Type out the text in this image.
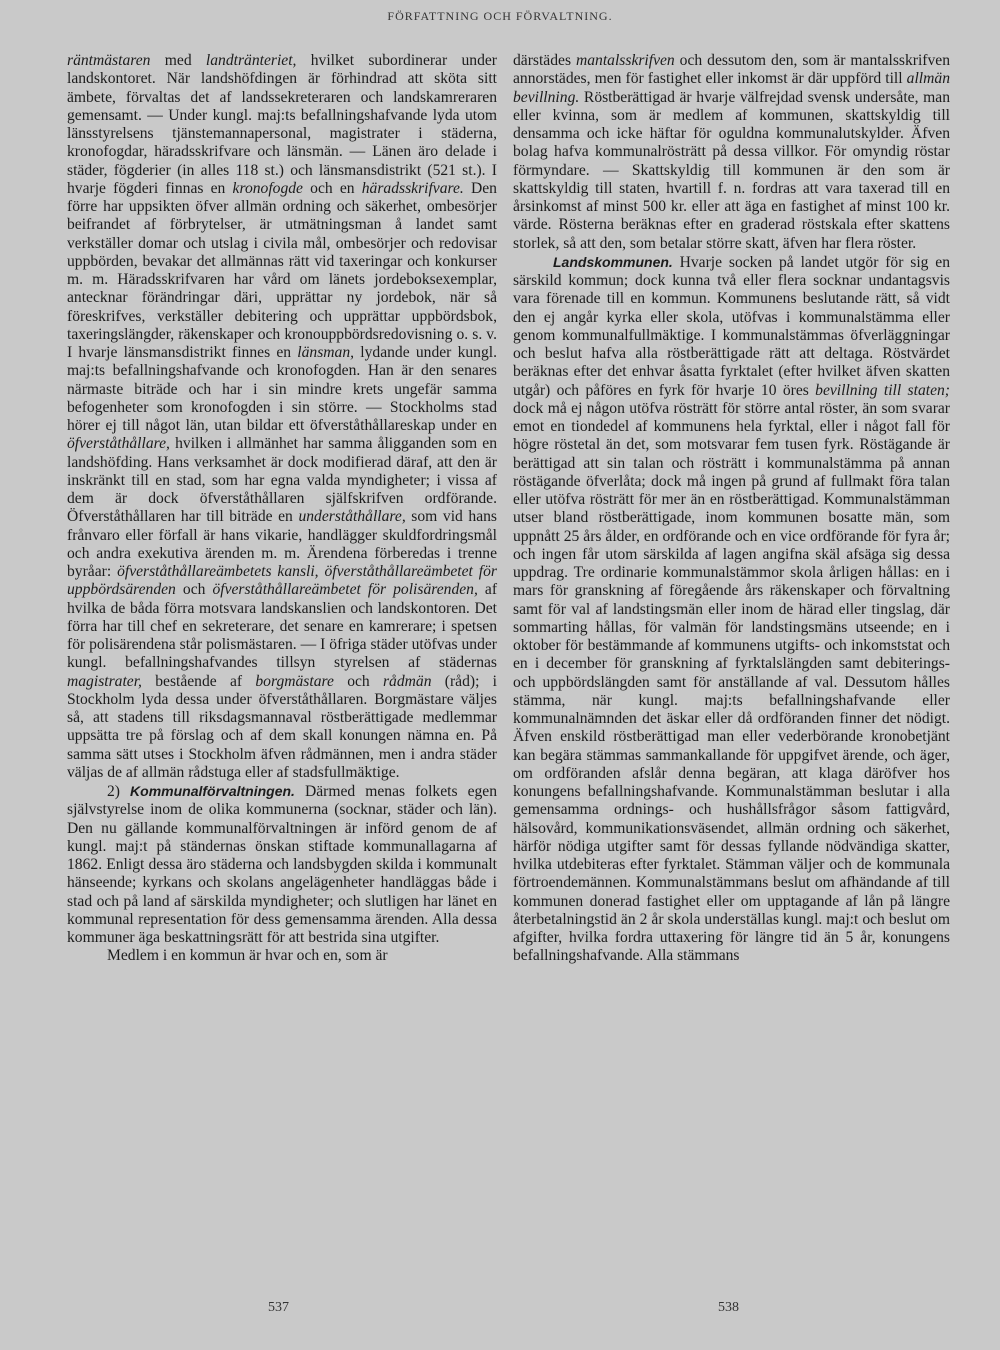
FÖRFATTNING OCH FÖRVALTNING.

räntmästaren med landtränteriet, hvilket subordinerar under landskontoret. När landshöfdingen är förhindrad att sköta sitt ämbete, förvaltas det af landssekreteraren och landskamreraren gemensamt. — Under kungl. maj:ts befallningshafvande lyda utom länsstyrelsens tjänstemannapersonal, magistrater i städerna, kronofogdar, häradsskrifvare och länsmän. — Länen äro delade i städer, fögderier (in alles 118 st.) och länsmansdistrikt (521 st.). I hvarje fögderi finnas en kronofogde och en häradsskrifvare. Den förre har uppsikten öfver allmän ordning och säkerhet, ombesörjer beifrandet af förbrytelser, är utmätningsman å landet samt verkställer domar och utslag i civila mål, ombesörjer och redovisar uppbörden, bevakar det allmännas rätt vid taxeringar och konkurser m. m. Häradsskrifvaren har vård om länets jordeboksexemplar, antecknar förändringar däri, upprättar ny jordebok, när så föreskrifves, verkställer debitering och upprättar uppbördsbok, taxeringslängder, räkenskaper och kronouppbördsredovisning o. s. v. I hvarje länsmansdistrikt finnes en länsman, lydande under kungl. maj:ts befallningshafvande och kronofogden. Han är den senares närmaste biträde och har i sin mindre krets ungefär samma befogenheter som kronofogden i sin större. — Stockholms stad hörer ej till något län, utan bildar ett öfverståthållareskap under en öfverståthållare, hvilken i allmänhet har samma åligganden som en landshöfding. Hans verksamhet är dock modifierad däraf, att den är inskränkt till en stad, som har egna valda myndigheter; i vissa af dem är dock öfverståthållaren själfskrifven ordförande. Öfverståthållaren har till biträde en underståthållare, som vid hans frånvaro eller förfall är hans vikarie, handlägger skuldfordringsmål och andra exekutiva ärenden m. m. Ärendena förberedas i trenne byråar: öfverståthållareämbetets kansli, öfverståthållareämbetet för uppbördsärenden och öfverståthållareämbetet för polisärenden, af hvilka de båda förra motsvara landskanslien och landskontoren. Det förra har till chef en sekreterare, det senare en kamrerare; i spetsen för polisärendena står polismästaren. — I öfriga städer utöfvas under kungl. befallningshafvandes tillsyn styrelsen af städernas magistrater, bestående af borgmästare och rådmän (råd); i Stockholm lyda dessa under öfverståthållaren. Borgmästare väljes så, att stadens till riksdagsmannaval röstberättigade medlemmar uppsätta tre på förslag och af dem skall konungen nämna en. På samma sätt utses i Stockholm äfven rådmännen, men i andra städer väljas de af allmän rådstuga eller af stadsfullmäktige.

2) Kommunalförvaltningen. Därmed menas folkets egen självstyrelse inom de olika kommunerna (socknar, städer och län). Den nu gällande kommunalförvaltningen är införd genom de af kungl. maj:t på ständernas önskan stiftade kommunallagarna af 1862. Enligt dessa äro städerna och landsbygden skilda i kommunalt hänseende; kyrkans och skolans angelägenheter handläggas både i stad och på land af särskilda myndigheter; och slutligen har länet en kommunal representation för dess gemensamma ärenden. Alla dessa kommuner äga beskattningsrätt för att bestrida sina utgifter.

Medlem i en kommun är hvar och en, som är

därstädes mantalsskrifven och dessutom den, som är mantalsskrifven annorstädes, men för fastighet eller inkomst är där uppförd till allmän bevillning. Röstberättigad är hvarje välfrejdad svensk undersåte, man eller kvinna, som är medlem af kommunen, skattskyldig till densamma och icke häftar för oguldna kommunalutskylder. Äfven bolag hafva kommunalrösträtt på dessa villkor. För omyndig röstar förmyndare. — Skattskyldig till kommunen är den som är skattskyldig till staten, hvartill f. n. fordras att vara taxerad till en årsinkomst af minst 500 kr. eller att äga en fastighet af minst 100 kr. värde. Rösterna beräknas efter en graderad röstskala efter skattens storlek, så att den, som betalar större skatt, äfven har flera röster.

Landskommunen. Hvarje socken på landet utgör för sig en särskild kommun; dock kunna två eller flera socknar undantagsvis vara förenade till en kommun. Kommunens beslutande rätt, så vidt den ej angår kyrka eller skola, utöfvas i kommunalstämma eller genom kommunalfullmäktige. I kommunalstämmas öfverläggningar och beslut hafva alla röstberättigade rätt att deltaga. Röstvärdet beräknas efter det enhvar åsatta fyrktalet (efter hvilket äfven skatten utgår) och påföres en fyrk för hvarje 10 öres bevillning till staten; dock må ej någon utöfva rösträtt för större antal röster, än som svarar emot en tiondedel af kommunens hela fyrktal, eller i något fall för högre röstetal än det, som motsvarar fem tusen fyrk. Röstägande är berättigad att sin talan och rösträtt i kommunalstämma på annan röstägande öfverlåta; dock må ingen på grund af fullmakt föra talan eller utöfva rösträtt för mer än en röstberättigad. Kommunalstämman utser bland röstberättigade, inom kommunen bosatte män, som uppnått 25 års ålder, en ordförande och en vice ordförande för fyra år; och ingen får utom särskilda af lagen angifna skäl afsäga sig dessa uppdrag. Tre ordinarie kommunalstämmor skola årligen hållas: en i mars för granskning af föregående års räkenskaper och förvaltning samt för val af landstingsmän eller inom de härad eller tingslag, där sommarting hållas, för valmän för landstingsmäns utseende; en i oktober för bestämmande af kommunens utgifts- och inkomststat och en i december för granskning af fyrktalslängden samt debiterings- och uppbördslängden samt för anställande af val. Dessutom hålles stämma, när kungl. maj:ts befallningshafvande eller kommunalnämnden det äskar eller då ordföranden finner det nödigt. Äfven enskild röstberättigad man eller vederbörande kronobetjänt kan begära stämmas sammankallande för uppgifvet ärende, och äger, om ordföranden afslår denna begäran, att klaga däröfver hos konungens befallningshafvande. Kommunalstämman beslutar i alla gemensamma ordnings- och hushållsfrågor såsom fattigvård, hälsovård, kommunikationsväsendet, allmän ordning och säkerhet, härför nödiga utgifter samt för dessas fyllande nödvändiga skatter, hvilka utdebiteras efter fyrktalet. Stämman väljer och de kommunala förtroendemännen. Kommunalstämmans beslut om afhändande af till kommunen donerad fastighet eller om upptagande af lån på längre återbetalningstid än 2 år skola underställas kungl. maj:t och beslut om afgifter, hvilka fordra uttaxering för längre tid än 5 år, konungens befallningshafvande. Alla stämmans

537	538
